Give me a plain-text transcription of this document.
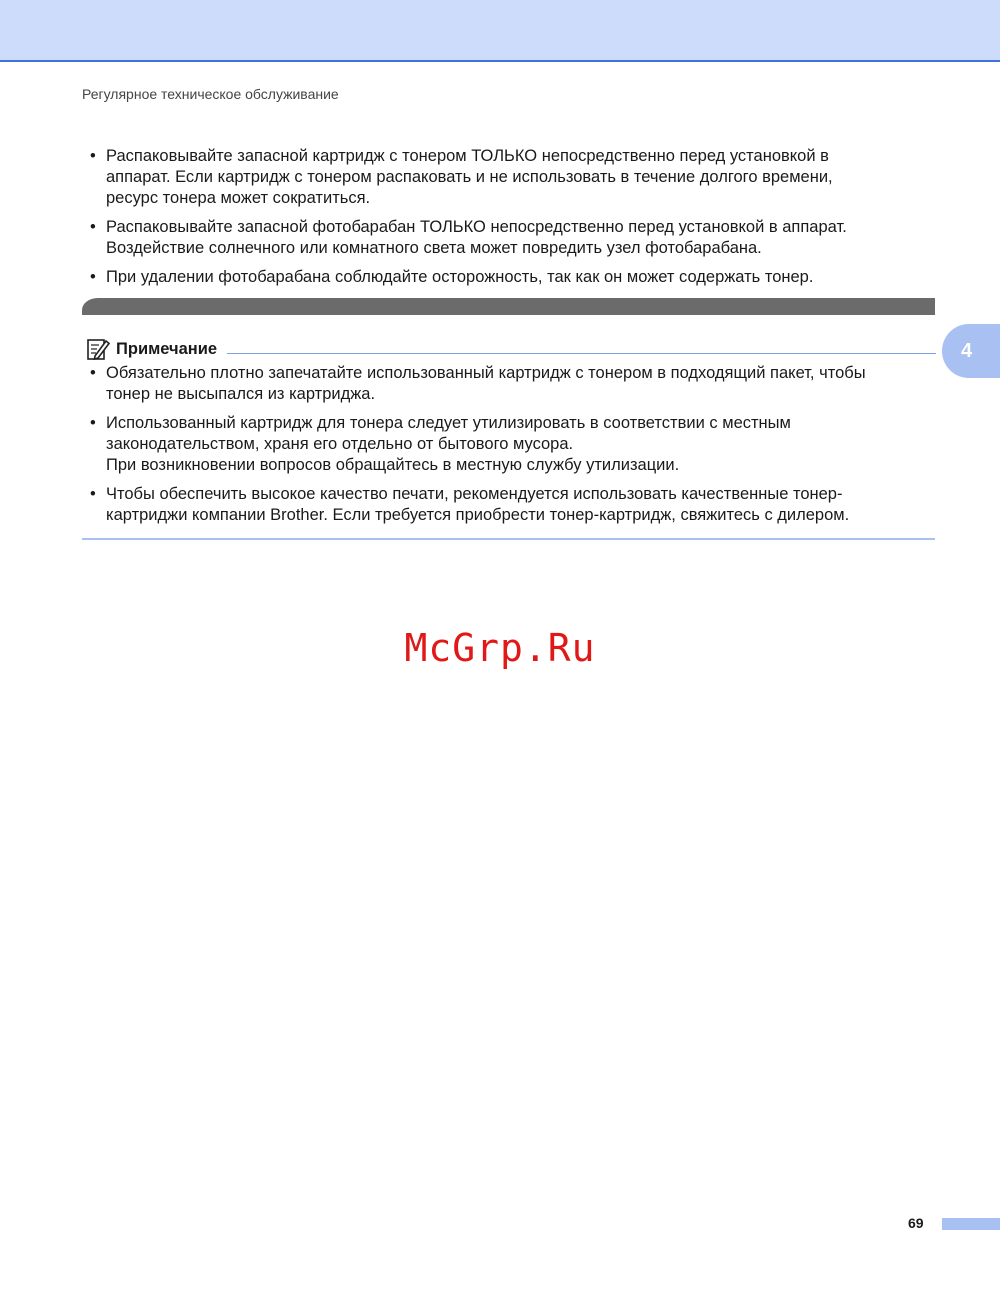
Регулярное техническое обслуживание
• Распаковывайте запасной картридж с тонером ТОЛЬКО непосредственно перед установкой в
аппарат. Если картридж с тонером распаковать и не использовать в течение долгого времени,
ресурс тонера может сократиться.
• Распаковывайте запасной фотобарабан ТОЛЬКО непосредственно перед установкой в аппарат.
Воздействие солнечного или комнатного света может повредить узел фотобарабана.
• При удалении фотобарабана соблюдайте осторожность, так как он может содержать тонер.
4
Примечание
• Обязательно плотно запечатайте использованный картридж с тонером в подходящий пакет, чтобы
тонер не высыпался из картриджа.
• Использованный картридж для тонера следует утилизировать в соответствии с местным
законодательством, храня его отдельно от бытового мусора.
При возникновении вопросов обращайтесь в местную службу утилизации.
• Чтобы обеспечить высокое качество печати, рекомендуется использовать качественные тонер-
картриджи компании Brother. Если требуется приобрести тонер-картридж, свяжитесь с дилером.
McGrp.Ru
69
